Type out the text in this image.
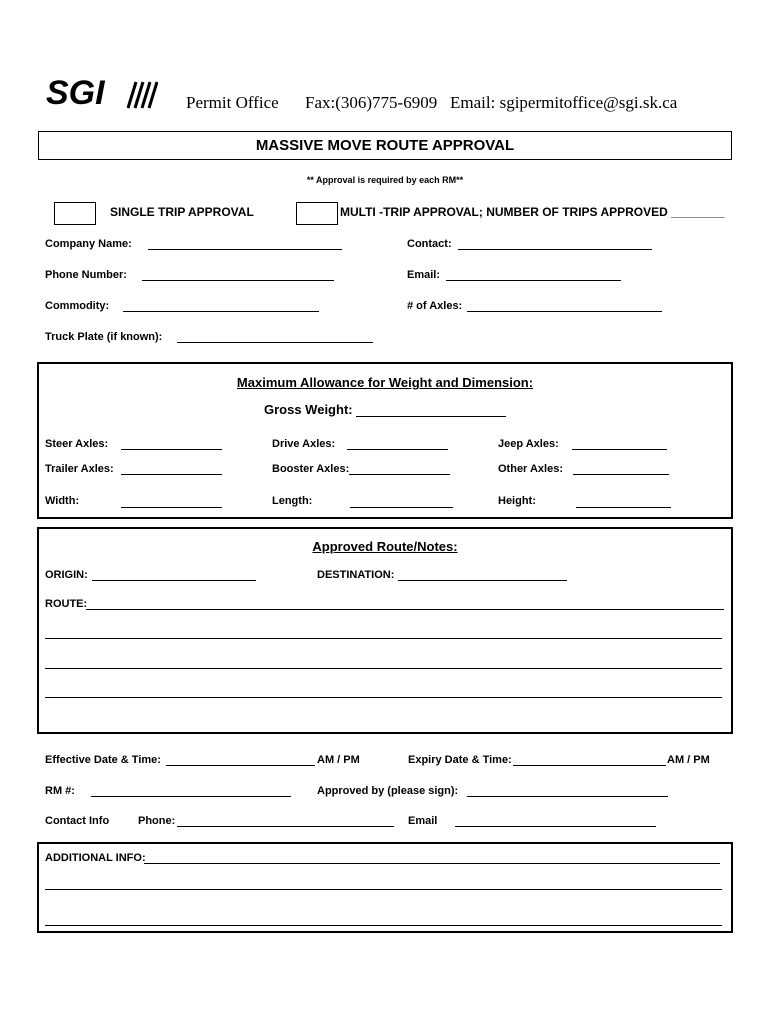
SGI	Permit Office Fax:(306)775-6909 Email: sgipermitoffice@sgi.sk.ca
MASSIVE MOVE ROUTE APPROVAL
** Approval is required by each RM**
SINGLE TRIP APPROVAL	MULTI -TRIP APPROVAL; NUMBER OF TRIPS APPROVED ________
Company Name:	Contact:
Phone Number:	Email:
Commodity:	# of Axles:
Truck Plate (if known):
Maximum Allowance for Weight and Dimension:
Gross Weight:
Steer Axles:	Drive Axles:	Jeep Axles:
Trailer Axles:	Booster Axles:	Other Axles:
Width:	Length:	Height:
Approved Route/Notes:
ORIGIN:	DESTINATION:
ROUTE:
Effective Date & Time:	AM / PM	Expiry Date & Time:	AM / PM
RM #:	Approved by (please sign):
Contact Info	Phone:	Email
ADDITIONAL INFO:
